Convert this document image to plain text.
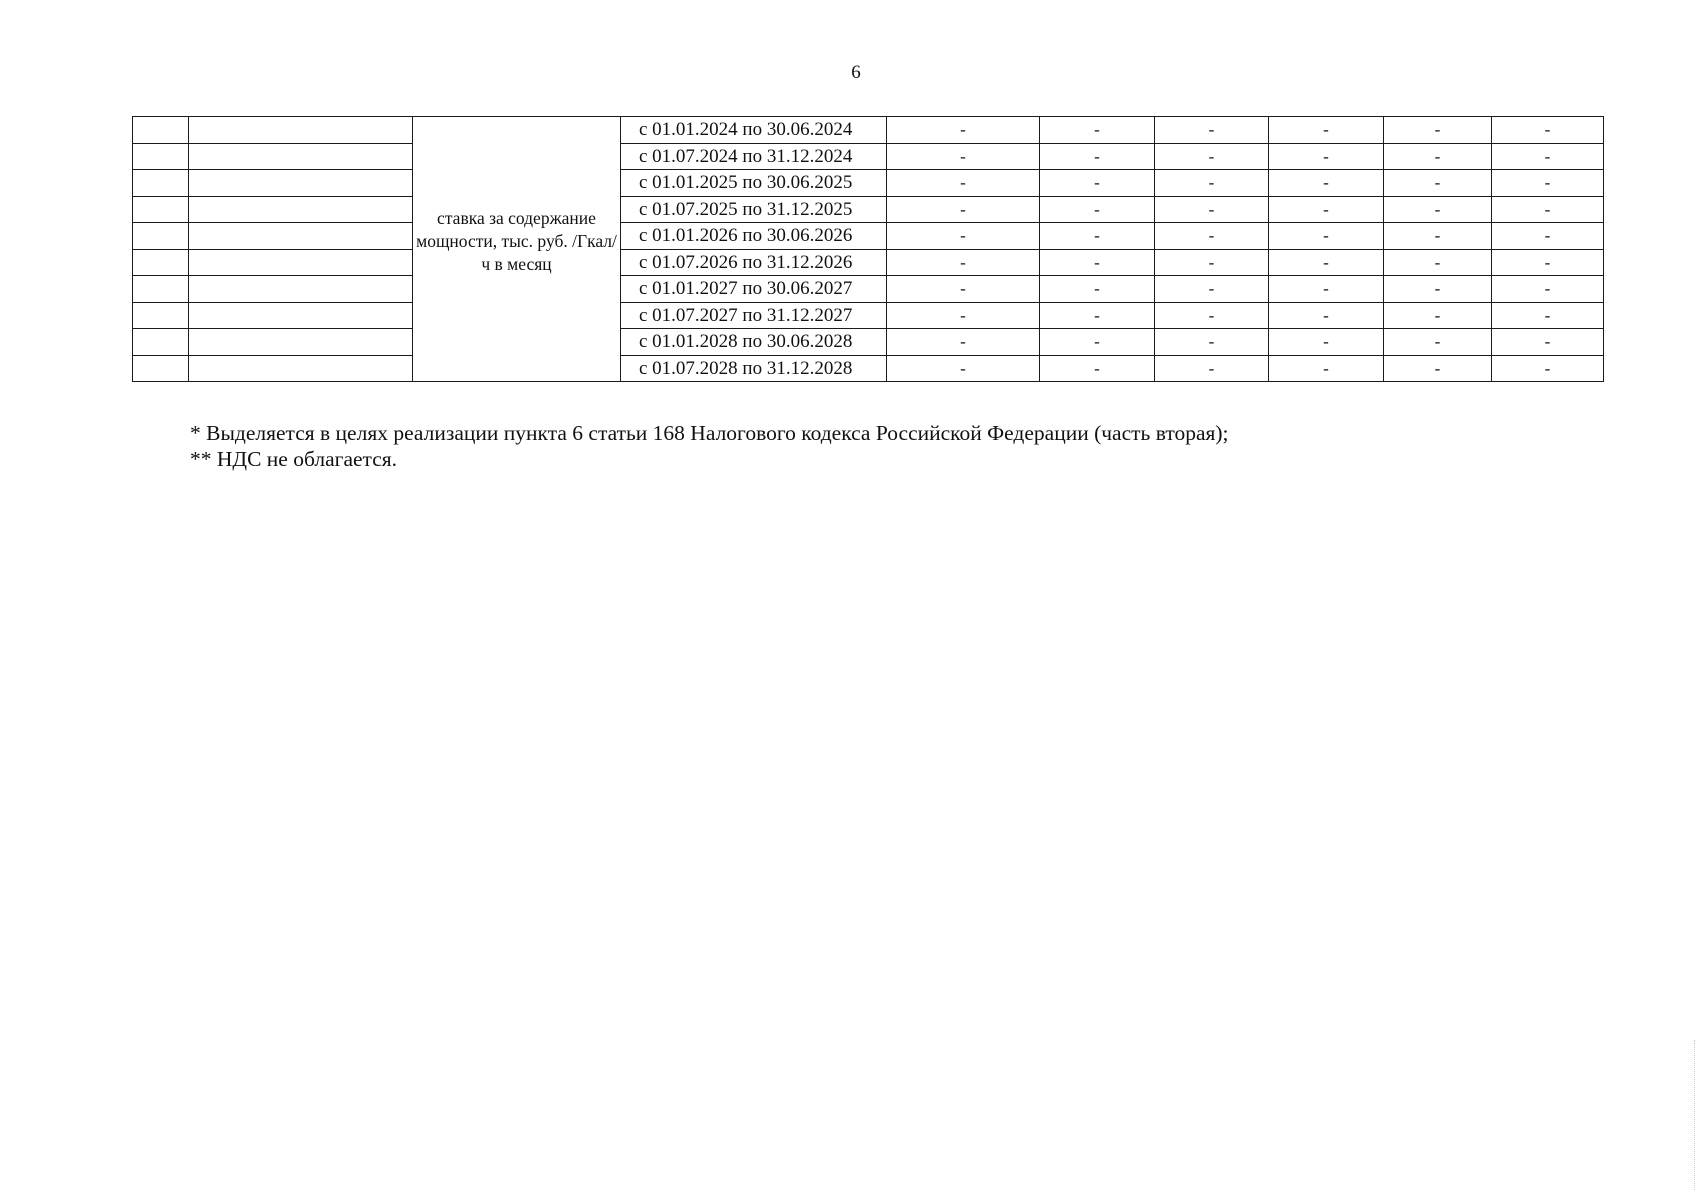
6
		ставка за содержание мощности, тыс. руб. /Гкал/ч в месяц	с 01.01.2024 по 30.06.2024	-	-	-	-	-	-
			с 01.07.2024 по 31.12.2024	-	-	-	-	-	-
			с 01.01.2025 по 30.06.2025	-	-	-	-	-	-
			с 01.07.2025 по 31.12.2025	-	-	-	-	-	-
			с 01.01.2026 по 30.06.2026	-	-	-	-	-	-
			с 01.07.2026 по 31.12.2026	-	-	-	-	-	-
			с 01.01.2027 по 30.06.2027	-	-	-	-	-	-
			с 01.07.2027 по 31.12.2027	-	-	-	-	-	-
			с 01.01.2028 по 30.06.2028	-	-	-	-	-	-
			с 01.07.2028 по 31.12.2028	-	-	-	-	-	-
* Выделяется в целях реализации пункта 6 статьи 168 Налогового кодекса Российской Федерации (часть вторая);
** НДС не облагается.
